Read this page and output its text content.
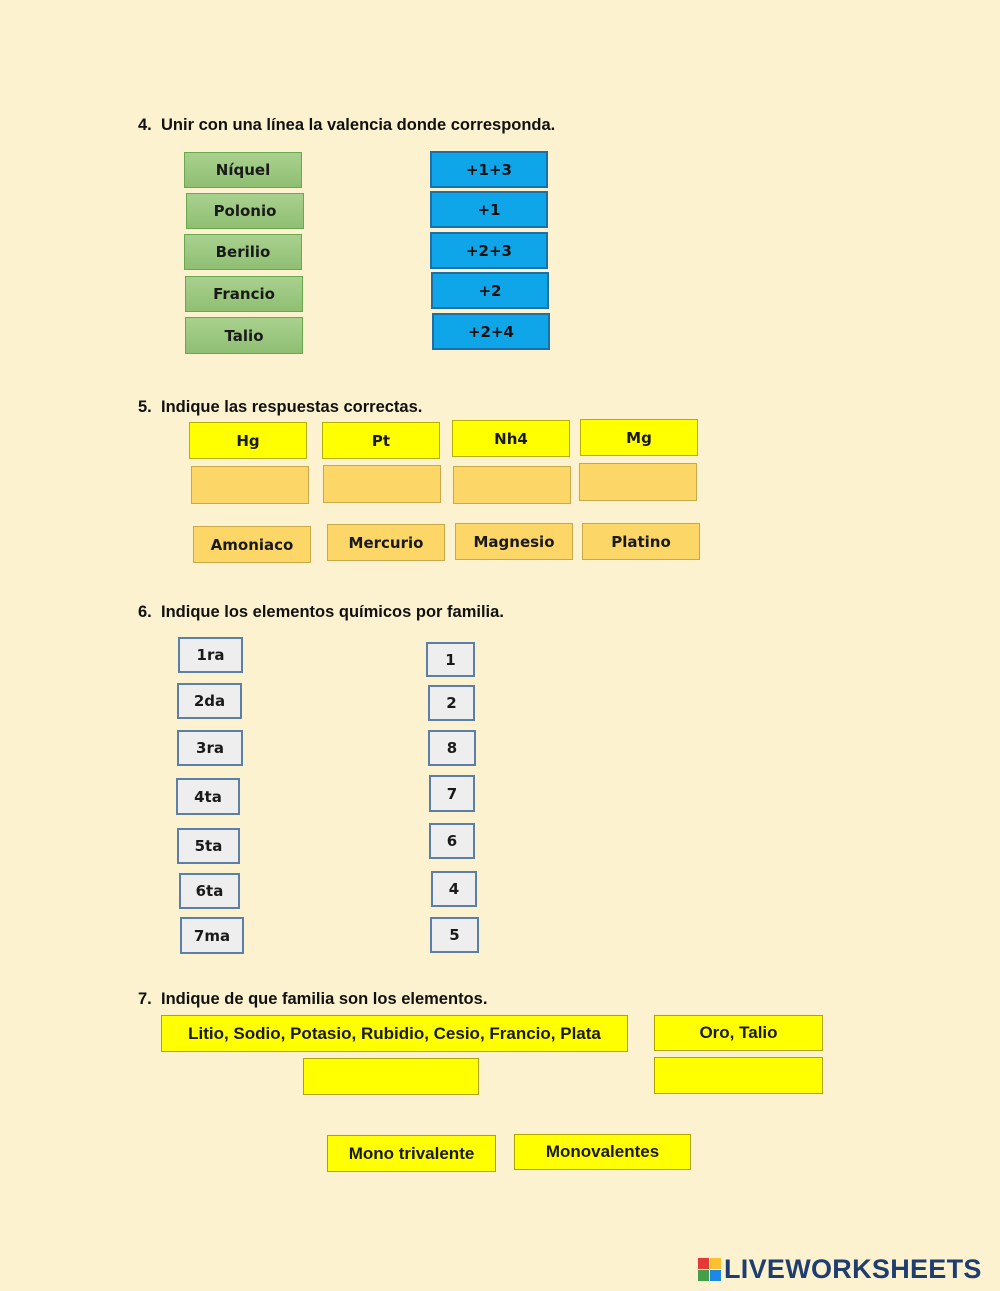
4. Unir con una línea la valencia donde corresponda.
Níquel
Polonio
Berilio
Francio
Talio
+1+3
+1
+2+3
+2
+2+4
5. Indique las respuestas correctas.
Hg	Pt	Nh4	Mg
Amoniaco	Mercurio	Magnesio	Platino
6. Indique los elementos químicos por familia.
1ra
2da
3ra
4ta
5ta
6ta
7ma
1
2
8
7
6
4
5
7. Indique de que familia son los elementos.
Litio, Sodio, Potasio, Rubidio, Cesio, Francio, Plata	Oro, Talio
Mono trivalente	Monovalentes
LIVEWORKSHEETS
